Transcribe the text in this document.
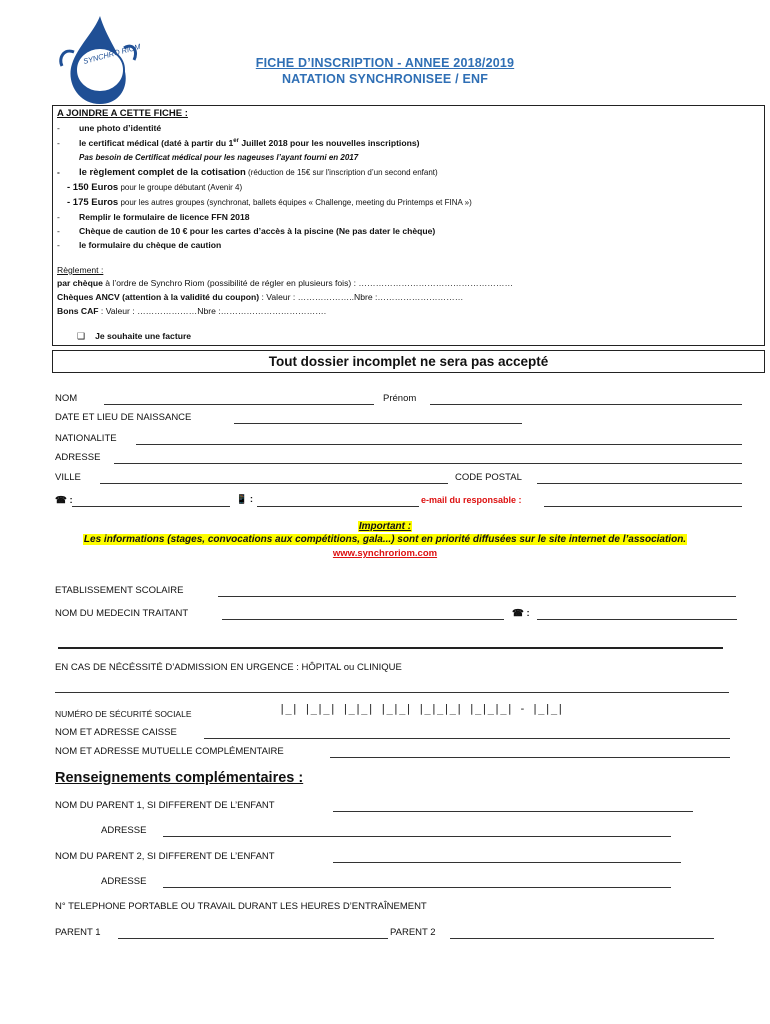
SYNCHRO RIOM	FICHE D’INSCRIPTION - ANNEE 2018/2019
NATATION SYNCHRONISEE / ENF
A JOINDRE A CETTE FICHE :
- une photo d’identité
- le certificat médical (daté à partir du 1er Juillet 2018 pour les nouvelles inscriptions)
Pas besoin de Certificat médical pour les nageuses l’ayant fourni en 2017
- le règlement complet de la cotisation (réduction de 15€ sur l'inscription d’un second enfant)
- 150 Euros pour le groupe débutant (Avenir 4)
- 175 Euros pour les autres groupes (synchronat, ballets équipes « Challenge, meeting du Printemps et FINA »)
- Remplir le formulaire de licence FFN 2018
- Chèque de caution de 10 € pour les cartes d’accès à la piscine (Ne pas dater le chèque)
- le formulaire du chèque de caution
Règlement :
par chèque à l’ordre de Synchro Riom (possibilité de régler en plusieurs fois) : ………………………………………………
Chèques ANCV (attention à la validité du coupon) : Valeur : ………………..Nbre :…………………………
Bons CAF : Valeur : …………………Nbre :……………………………….
❑ Je souhaite une facture
Tout dossier incomplet ne sera pas accepté
NOM	Prénom
DATE ET LIEU DE NAISSANCE
NATIONALITE
ADRESSE
VILLE	CODE POSTAL
☎ :	📱 :	e-mail du responsable :
Important :
Les informations (stages, convocations aux compétitions, gala...) sont en priorité diffusées sur le site internet de l’association.
www.synchroriom.com
ETABLISSEMENT SCOLAIRE
NOM DU MEDECIN TRAITANT	☎ :
EN CAS DE NÉCÉSSITÉ D’ADMISSION EN URGENCE : HÔPITAL ou CLINIQUE
NUMÉRO DE SÉCURITÉ SOCIALE	|_| |_|_| |_|_| |_|_| |_|_|_| |_|_|_| - |_|_|
NOM ET ADRESSE CAISSE
NOM ET ADRESSE MUTUELLE COMPLÉMENTAIRE
Renseignements complémentaires :
NOM DU PARENT 1, SI DIFFERENT DE L’ENFANT
ADRESSE
NOM DU PARENT 2, SI DIFFERENT DE L’ENFANT
ADRESSE
N° TELEPHONE PORTABLE OU TRAVAIL DURANT LES HEURES D’ENTRAÎNEMENT
PARENT 1	PARENT 2
